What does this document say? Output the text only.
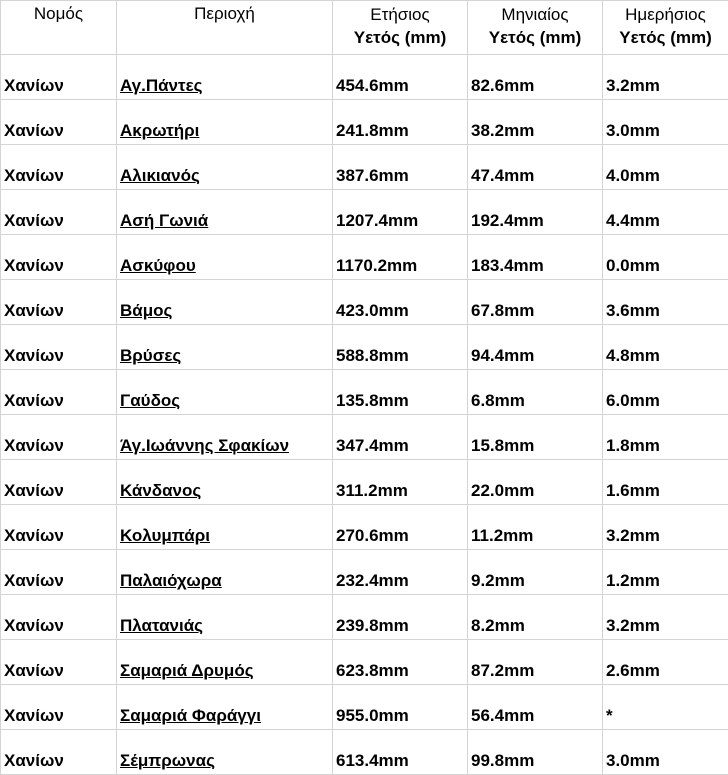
Νομός	Περιοχή	Ετήσιος	Μηνιαίος	Ημερήσιος
		Υετός (mm)	Υετός (mm)	Υετός (mm)
Χανίων	Αγ.Πάντες	454.6mm	82.6mm	3.2mm
Χανίων	Ακρωτήρι	241.8mm	38.2mm	3.0mm
Χανίων	Αλικιανός	387.6mm	47.4mm	4.0mm
Χανίων	Ασή Γωνιά	1207.4mm	192.4mm	4.4mm
Χανίων	Ασκύφου	1170.2mm	183.4mm	0.0mm
Χανίων	Βάμος	423.0mm	67.8mm	3.6mm
Χανίων	Βρύσες	588.8mm	94.4mm	4.8mm
Χανίων	Γαύδος	135.8mm	6.8mm	6.0mm
Χανίων	Άγ.Ιωάννης Σφακίων	347.4mm	15.8mm	1.8mm
Χανίων	Κάνδανος	311.2mm	22.0mm	1.6mm
Χανίων	Κολυμπάρι	270.6mm	11.2mm	3.2mm
Χανίων	Παλαιόχωρα	232.4mm	9.2mm	1.2mm
Χανίων	Πλατανιάς	239.8mm	8.2mm	3.2mm
Χανίων	Σαμαριά Δρυμός	623.8mm	87.2mm	2.6mm
Χανίων	Σαμαριά Φαράγγι	955.0mm	56.4mm	*
Χανίων	Σέμπρωνας	613.4mm	99.8mm	3.0mm
